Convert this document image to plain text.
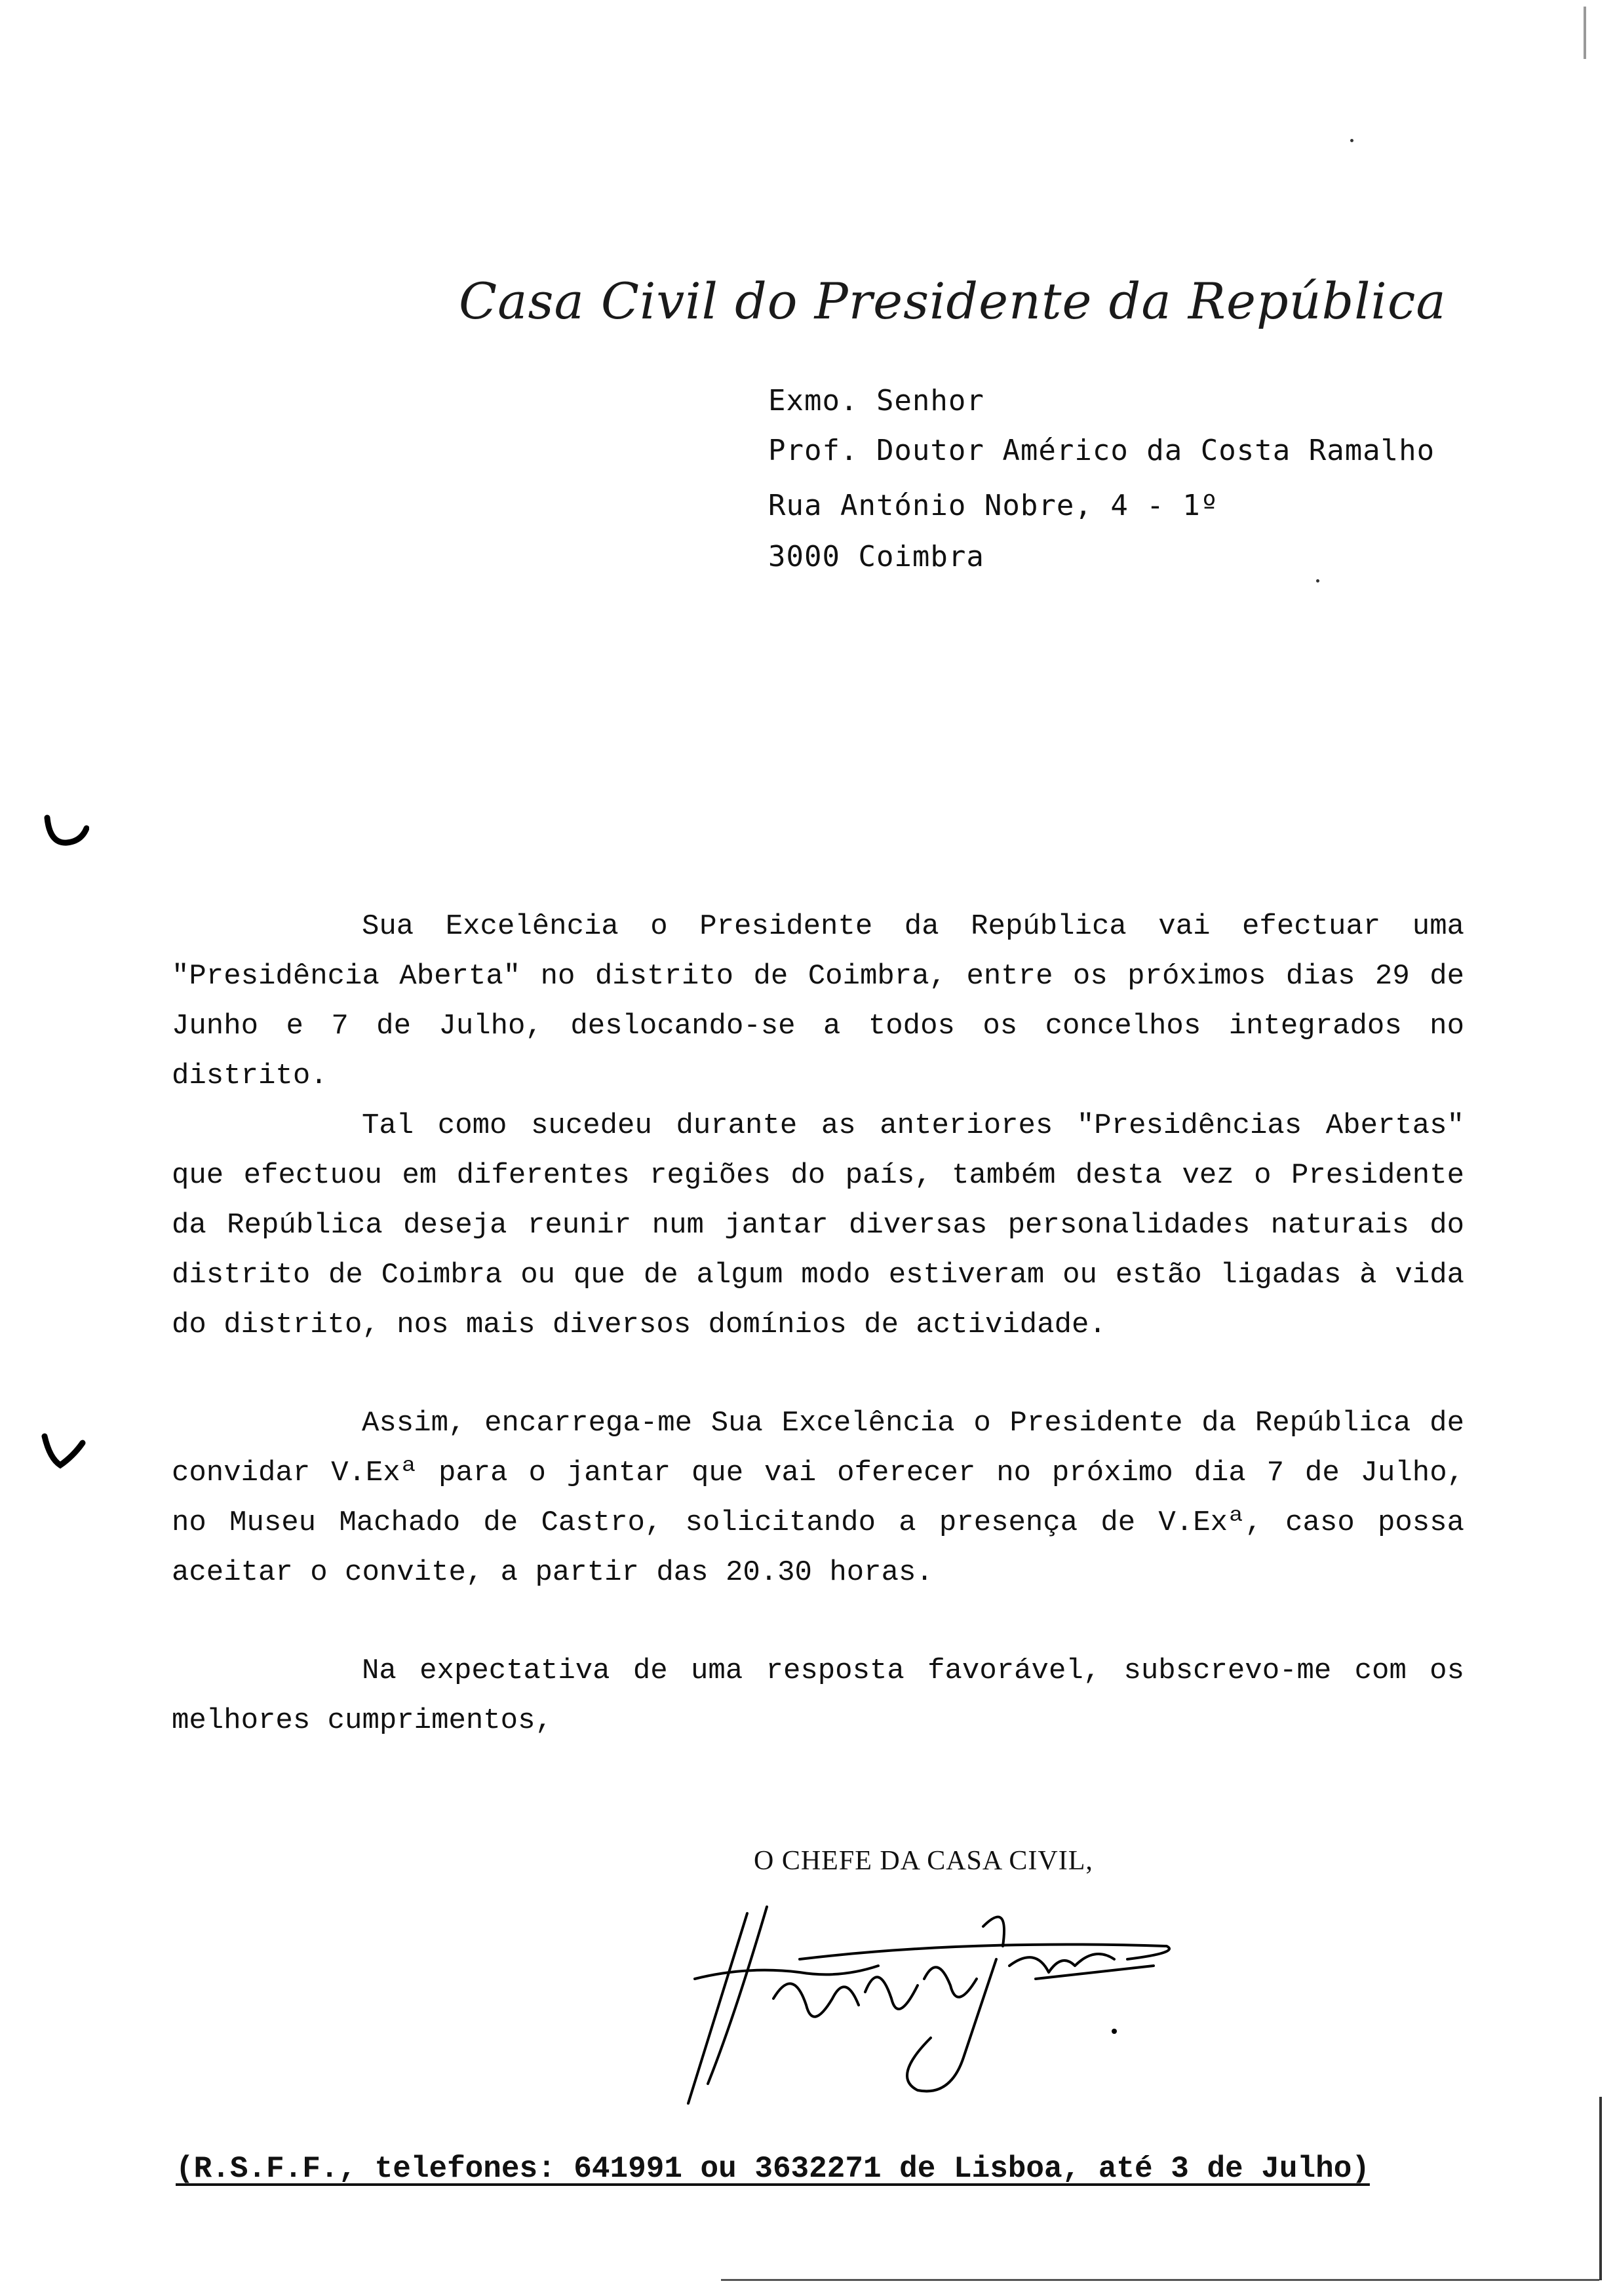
Casa Civil do Presidente da República
Exmo. Senhor
Prof. Doutor Américo da Costa Ramalho
Rua António Nobre, 4 - 1º
3000 Coimbra
Sua Excelência o Presidente da República vai efectuar uma "Presidência Aberta" no distrito de Coimbra, entre os próximos dias 29 de Junho e 7 de Julho, deslocando-se a todos os concelhos integrados no distrito.
Tal como sucedeu durante as anteriores "Presidências Abertas" que efectuou em diferentes regiões do país, também desta vez o Presidente da República deseja reunir num jantar diversas personalidades naturais do distrito de Coimbra ou que de algum modo estiveram ou estão ligadas à vida do distrito, nos mais diversos domínios de actividade.
Assim, encarrega-me Sua Excelência o Presidente da República de convidar V.Exª para o jantar que vai oferecer no próximo dia 7 de Julho, no Museu Machado de Castro, solicitando a presença de V.Exª, caso possa aceitar o convite, a partir das 20.30 horas.
Na expectativa de uma resposta favorável, subscrevo-me com os melhores cumprimentos,
O CHEFE DA CASA CIVIL,
(R.S.F.F., telefones: 641991 ou 3632271 de Lisboa, até 3 de Julho)
